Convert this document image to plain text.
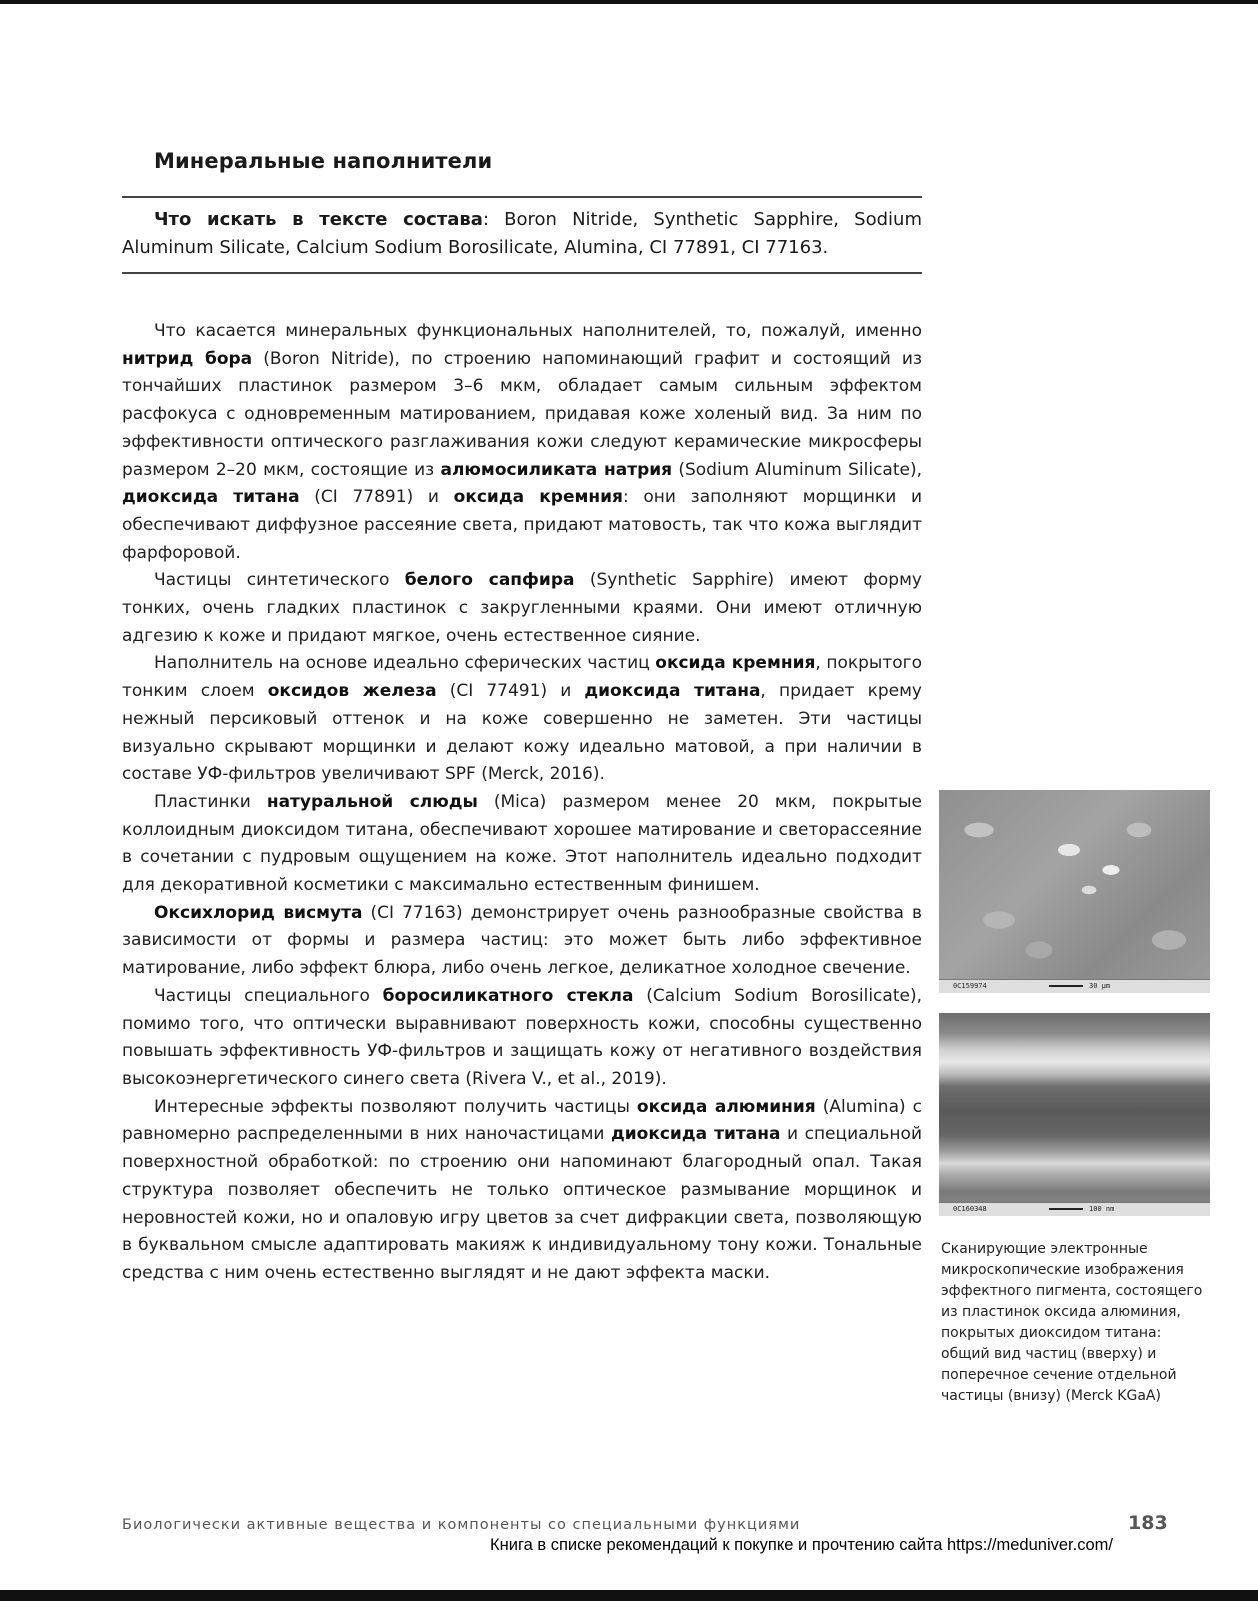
Минеральные наполнители
Что искать в тексте состава: Boron Nitride, Synthetic Sapphire, Sodium Aluminum Silicate, Calcium Sodium Borosilicate, Alumina, CI 77891, CI 77163.

Что касается минеральных функциональных наполнителей, то, пожалуй, именно нитрид бора (Boron Nitride), по строению напоминающий графит и состоящий из тончайших пластинок размером 3–6 мкм, обладает самым сильным эффектом расфокуса с одновременным матированием, придавая коже холеный вид. За ним по эффективности оптического разглаживания кожи следуют керамические микросферы размером 2–20 мкм, состоящие из алюмосиликата натрия (Sodium Aluminum Silicate), диоксида титана (CI 77891) и оксида кремния: они заполняют морщинки и обеспечивают диффузное рассеяние света, придают матовость, так что кожа выглядит фарфоровой.

Частицы синтетического белого сапфира (Synthetic Sapphire) имеют форму тонких, очень гладких пластинок с закругленными краями. Они имеют отличную адгезию к коже и придают мягкое, очень естественное сияние.

Наполнитель на основе идеально сферических частиц оксида кремния, покрытого тонким слоем оксидов железа (CI 77491) и диоксида титана, придает крему нежный персиковый оттенок и на коже совершенно не заметен. Эти частицы визуально скрывают морщинки и делают кожу идеально матовой, а при наличии в составе УФ-фильтров увеличивают SPF (Merck, 2016).

Пластинки натуральной слюды (Mica) размером менее 20 мкм, покрытые коллоидным диоксидом титана, обеспечивают хорошее матирование и светорассеяние в сочетании с пудровым ощущением на коже. Этот наполнитель идеально подходит для декоративной косметики с максимально естественным финишем.

Оксихлорид висмута (CI 77163) демонстрирует очень разнообразные свойства в зависимости от формы и размера частиц: это может быть либо эффективное матирование, либо эффект блюра, либо очень легкое, деликатное холодное свечение.

Частицы специального боросиликатного стекла (Calcium Sodium Borosilicate), помимо того, что оптически выравнивают поверхность кожи, способны существенно повышать эффективность УФ-фильтров и защищать кожу от негативного воздействия высокоэнергетического синего света (Rivera V., et al., 2019).

Интересные эффекты позволяют получить частицы оксида алюминия (Alumina) с равномерно распределенными в них наночастицами диоксида титана и специальной поверхностной обработкой: по строению они напоминают благородный опал. Такая структура позволяет обеспечить не только оптическое размывание морщинок и неровностей кожи, но и опаловую игру цветов за счет дифракции света, позволяющую в буквальном смысле адаптировать макияж к индивидуальному тону кожи. Тональные средства с ним очень естественно выглядят и не дают эффекта маски.

0C159974	30 µm
0C160348	100 nm
Сканирующие электронные микроскопические изображения эффектного пигмента, состоящего из пластинок оксида алюминия, покрытых диоксидом титана: общий вид частиц (вверху) и поперечное сечение отдельной частицы (внизу) (Merck KGaA)
Биологически активные вещества и компоненты со специальными функциями	183
Книга в списке рекомендаций к покупке и прочтению сайта https://meduniver.com/
